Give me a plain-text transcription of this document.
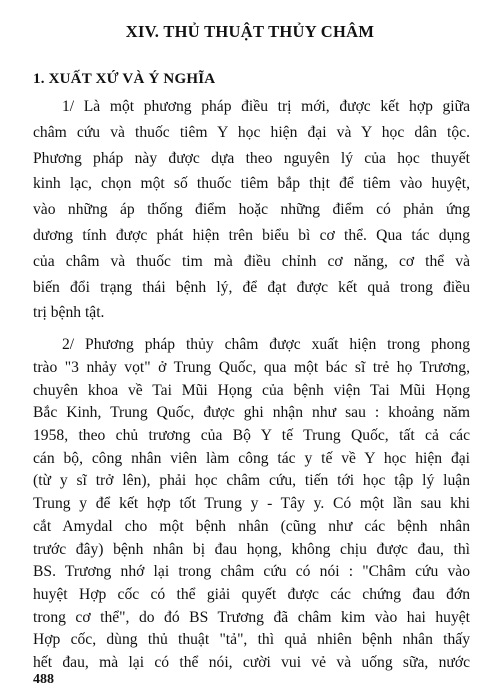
XIV. THỦ THUẬT THỦY CHÂM
1. XUẤT XỨ VÀ Ý NGHĨA

1/ Là một phương pháp điều trị mới, được kết hợp giữa

châm cứu và thuốc tiêm Y học hiện đại và Y học dân tộc.

Phương pháp này được dựa theo nguyên lý của học thuyết

kinh lạc, chọn một số thuốc tiêm bắp thịt để tiêm vào huyệt,

vào những áp thống điểm hoặc những điểm có phản ứng

dương tính được phát hiện trên biểu bì cơ thể. Qua tác dụng

của châm và thuốc tim mà điều chỉnh cơ năng, cơ thể và

biến đổi trạng thái bệnh lý, để đạt được kết quả trong điều

trị bệnh tật.

2/ Phương pháp thủy châm được xuất hiện trong phong

trào "3 nhảy vọt" ở Trung Quốc, qua một bác sĩ trẻ họ Trương,

chuyên khoa về Tai Mũi Họng của bệnh viện Tai Mũi Họng

Bắc Kinh, Trung Quốc, được ghi nhận như sau : khoảng năm

1958, theo chủ trương của Bộ Y tế Trung Quốc, tất cả các

cán bộ, công nhân viên làm công tác y tế về Y học hiện đại

(từ y sĩ trở lên), phải học châm cứu, tiến tới học tập lý luận

Trung y để kết hợp tốt Trung y - Tây y. Có một lần sau khi

cắt Amydal cho một bệnh nhân (cũng như các bệnh nhân

trước đây) bệnh nhân bị đau họng, không chịu được đau, thì

BS. Trương nhớ lại trong châm cứu có nói : "Châm cứu vào

huyệt Hợp cốc có thể giải quyết được các chứng đau đớn

trong cơ thể", do đó BS Trương đã châm kim vào hai huyệt

Hợp cốc, dùng thủ thuật "tả", thì quả nhiên bệnh nhân thấy

hết đau, mà lại có thể nói, cười vui vẻ và uống sữa, nước

488
